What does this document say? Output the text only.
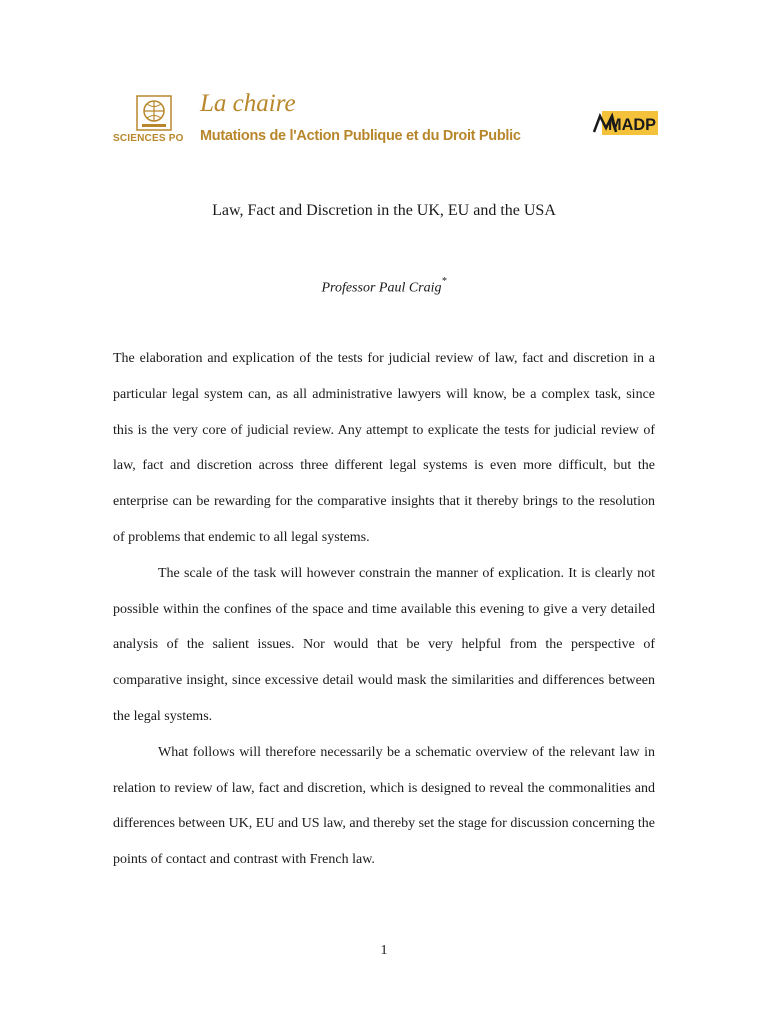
SCIENCES PO
La chaire
Mutations de l'Action Publique et du Droit Public
MADP
Law, Fact and Discretion in the UK, EU and the USA
Professor Paul Craig*

The elaboration and explication of the tests for judicial review of law, fact and discretion in a particular legal system can, as all administrative lawyers will know, be a complex task, since this is the very core of judicial review. Any attempt to explicate the tests for judicial review of law, fact and discretion across three different legal systems is even more difficult, but the enterprise can be rewarding for the comparative insights that it thereby brings to the resolution of problems that endemic to all legal systems.

The scale of the task will however constrain the manner of explication. It is clearly not possible within the confines of the space and time available this evening to give a very detailed analysis of the salient issues. Nor would that be very helpful from the perspective of comparative insight, since excessive detail would mask the similarities and differences between the legal systems.

What follows will therefore necessarily be a schematic overview of the relevant law in relation to review of law, fact and discretion, which is designed to reveal the commonalities and differences between UK, EU and US law, and thereby set the stage for discussion concerning the points of contact and contrast with French law.

1
